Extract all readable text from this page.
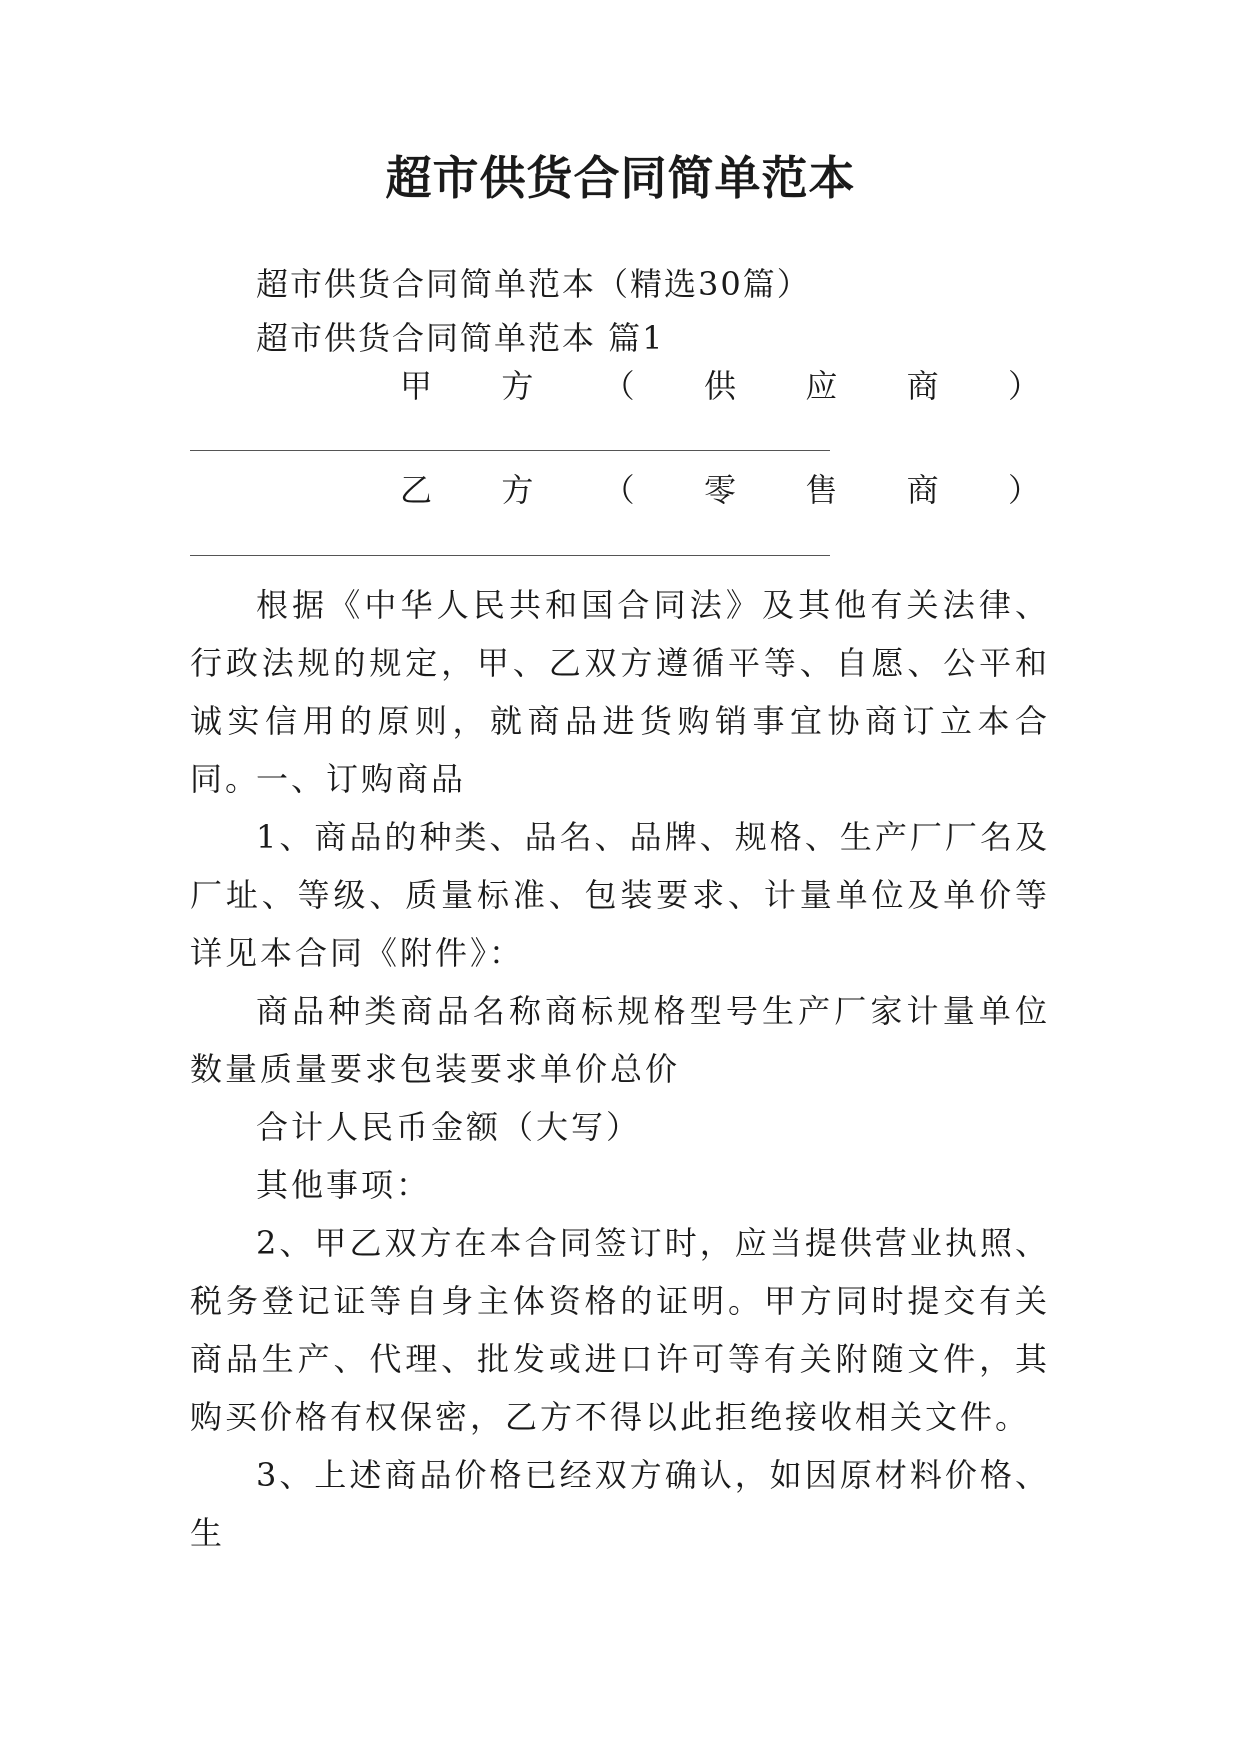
超市供货合同简单范本
超市供货合同简单范本（精选30篇）
超市供货合同简单范本 篇1
甲 方 （ 供 应 商 ）
乙 方 （ 零 售 商 ）
根据《中华人民共和国合同法》及其他有关法律、行政法规的规定，甲、乙双方遵循平等、自愿、公平和诚实信用的原则，就商品进货购销事宜协商订立本合同。
一、订购商品
1、商品的种类、品名、品牌、规格、生产厂厂名及厂址、等级、质量标准、包装要求、计量单位及单价等详见本合同《附件》：
商品种类商品名称商标规格型号生产厂家计量单位数量质量要求包装要求单价总价
合计人民币金额（大写）
其他事项：
2、甲乙双方在本合同签订时，应当提供营业执照、税务登记证等自身主体资格的证明。甲方同时提交有关商品生产、代理、批发或进口许可等有关附随文件，其购买价格有权保密，乙方不得以此拒绝接收相关文件。
3、上述商品价格已经双方确认，如因原材料价格、生
